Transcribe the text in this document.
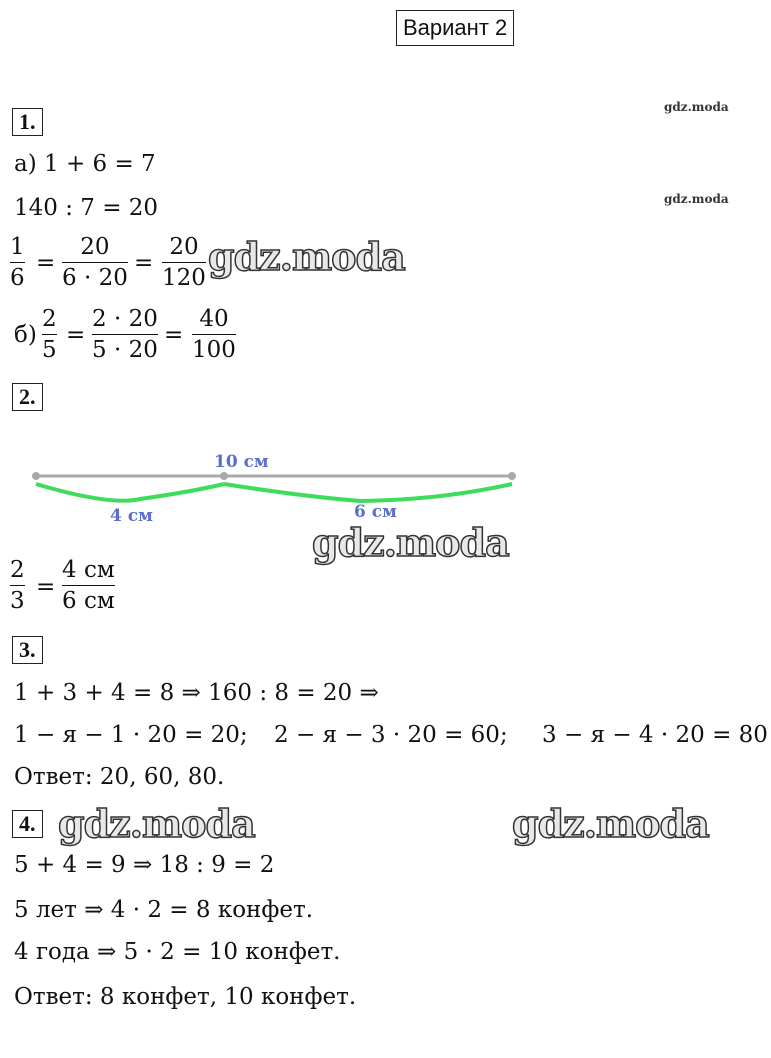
Вариант 2
gdz.moda
gdz.moda
1.
а) 1 + 6 = 7
140 : 7 = 20
1
6
=
20
6 · 20
=
20
120 gdz.moda
б)
2
5
=
2 · 20
5 · 20
=
40
100
2.
10 см
4 см	6 см
gdz.moda
2
3
=
4 см
6 см
3.
1 + 3 + 4 = 8 ⇒ 160 : 8 = 20 ⇒
1 − я − 1 · 20 = 20; 2 − я − 3 · 20 = 60; 3 − я − 4 · 20 = 80
Ответ: 20, 60, 80.
4. gdz.moda	gdz.moda
5 + 4 = 9 ⇒ 18 : 9 = 2
5 лет ⇒ 4 · 2 = 8 конфет.
4 года ⇒ 5 · 2 = 10 конфет.
Ответ: 8 конфет, 10 конфет.
